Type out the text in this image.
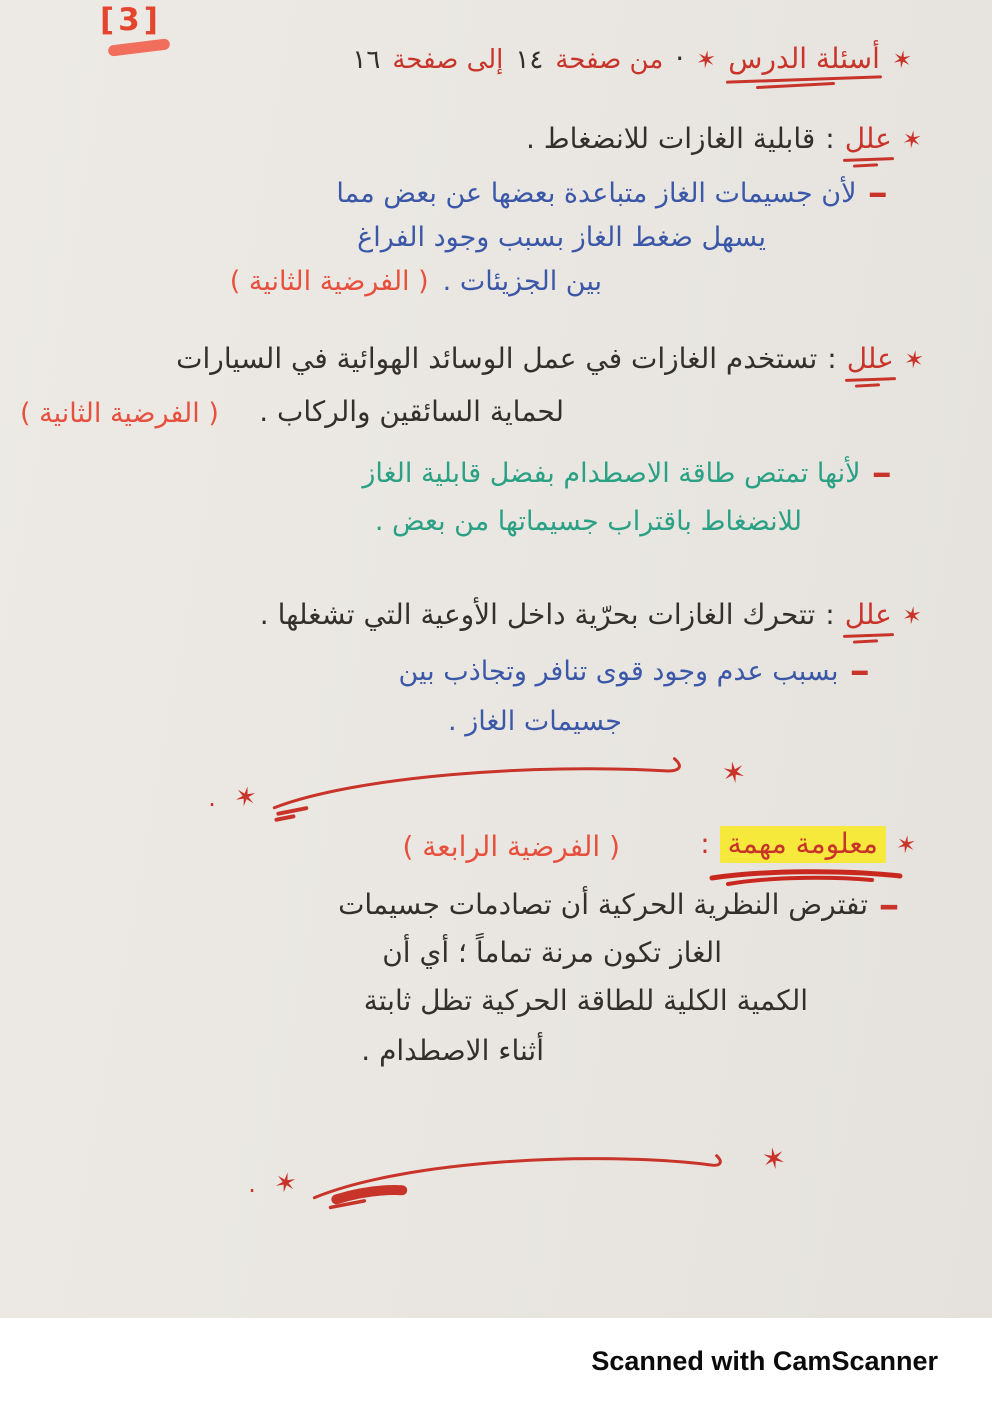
[3]
✶
أسئلة الدرس
✶
·
من صفحة
١٤
إلى صفحة
١٦
✶
علل
:
قابلية الغازات للانضغاط .
–
لأن جسيمات الغاز متباعدة بعضها عن بعض مما
يسهل ضغط الغاز بسبب وجود الفراغ
بين الجزيئات .
( الفرضية الثانية )
✶
علل
:
تستخدم الغازات في عمل الوسائد الهوائية في السيارات
لحماية السائقين والركاب .
( الفرضية الثانية )
–
لأنها تمتص طاقة الاصطدام بفضل قابلية الغاز
للانضغاط باقتراب جسيماتها من بعض .
✶
علل
:
تتحرك الغازات بحرّية داخل الأوعية التي تشغلها .
–
بسبب عدم وجود قوى تنافر وتجاذب بين
جسيمات الغاز .
· ✶
✶
✶
معلومة مهمة
:
( الفرضية الرابعة )
–
تفترض النظرية الحركية أن تصادمات جسيمات
الغاز تكون مرنة تماماً ؛ أي أن
الكمية الكلية للطاقة الحركية تظل ثابتة
أثناء الاصطدام .
· ✶
✶
Scanned with CamScanner
